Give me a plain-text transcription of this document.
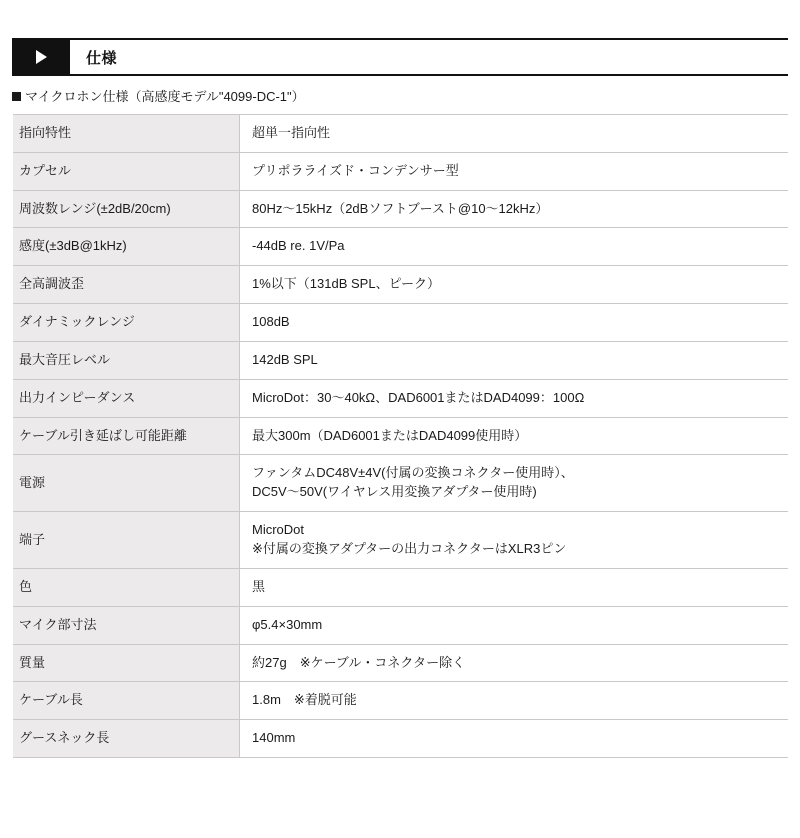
仕様
マイクロホン仕様（高感度モデル"4099-DC-1"）
指向特性	超単一指向性

カプセル	プリポラライズド・コンデンサー型

周波数レンジ(±2dB/20cm)	80Hz〜15kHz（2dBソフトブースト@10〜12kHz）

感度(±3dB@1kHz)	-44dB re. 1V/Pa

全高調波歪	1%以下（131dB SPL、ピーク）

ダイナミックレンジ	108dB

最大音圧レベル	142dB SPL

出力インピーダンス	MicroDot：30〜40kΩ、DAD6001またはDAD4099：100Ω

ケーブル引き延ばし可能距離	最大300m（DAD6001またはDAD4099使用時）

電源	ファンタムDC48V±4V(付属の変換コネクター使用時）、
DC5V〜50V(ワイヤレス用変換アダプター使用時)

端子	MicroDot
※付属の変換アダプターの出力コネクターはXLR3ピン

色	黒

マイク部寸法	φ5.4×30mm

質量	約27g　※ケーブル・コネクター除く

ケーブル長	1.8m　※着脱可能

グースネック長	140mm
